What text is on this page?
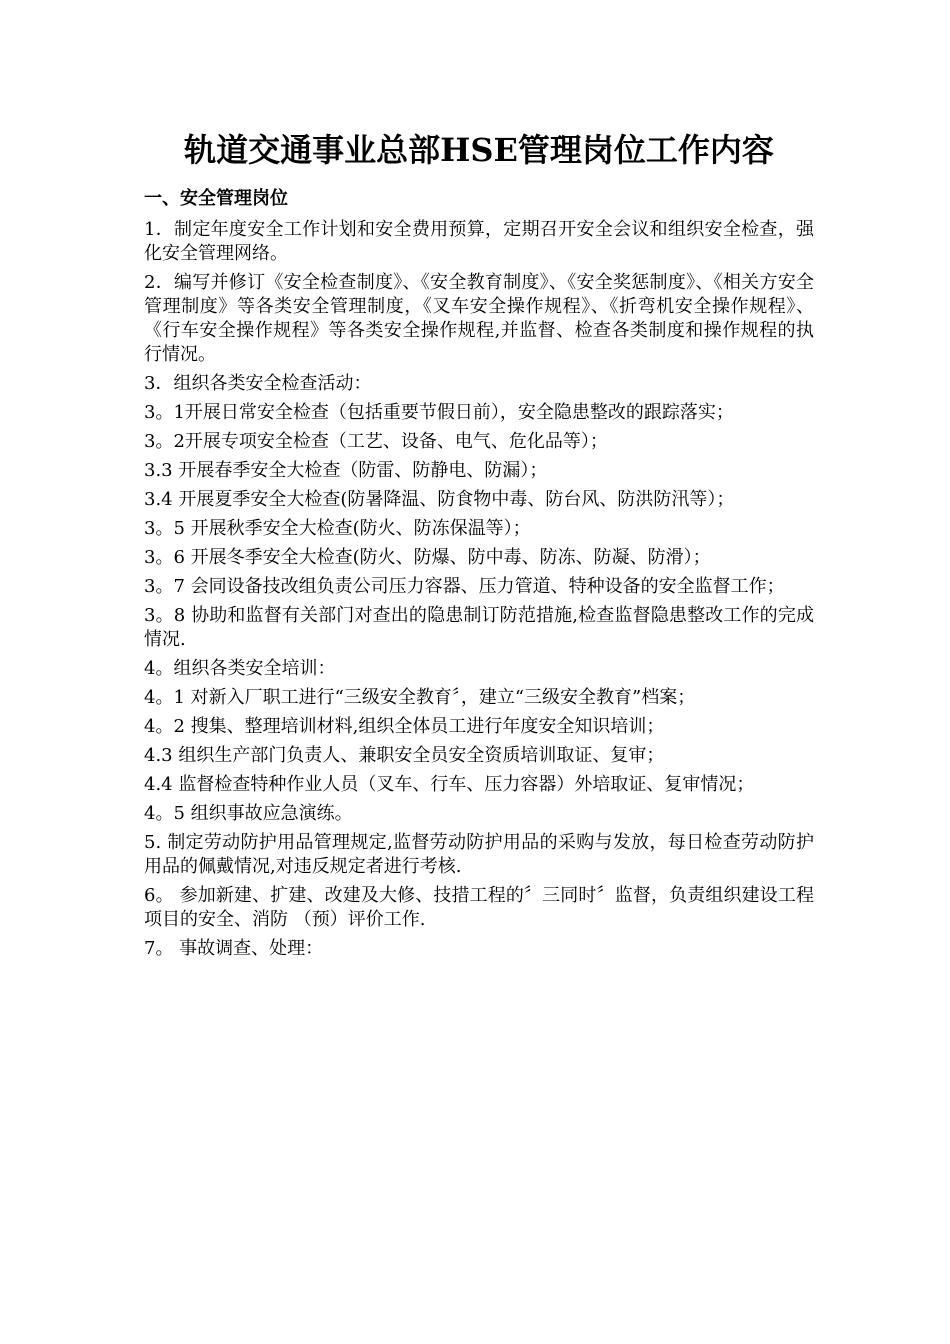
轨道交通事业总部HSE管理岗位工作内容
一、安全管理岗位

1．制定年度安全工作计划和安全费用预算，定期召开安全会议和组织安全检查，强化安全管理网络。

2．编写并修订《安全检查制度》、《安全教育制度》、《安全奖惩制度》、《相关方安全管理制度》等各类安全管理制度，《叉车安全操作规程》、《折弯机安全操作规程》、《行车安全操作规程》等各类安全操作规程,并监督、检查各类制度和操作规程的执行情况。

3．组织各类安全检查活动：

3。1开展日常安全检查（包括重要节假日前），安全隐患整改的跟踪落实；

3。2开展专项安全检查（工艺、设备、电气、危化品等）；

3.3 开展春季安全大检查（防雷、防静电、防漏）；

3.4 开展夏季安全大检查(防暑降温、防食物中毒、防台风、防洪防汛等）；

3。5 开展秋季安全大检查(防火、防冻保温等）；

3。6 开展冬季安全大检查(防火、防爆、防中毒、防冻、防凝、防滑）；

3。7 会同设备技改组负责公司压力容器、压力管道、特种设备的安全监督工作；

3。8 协助和监督有关部门对查出的隐患制订防范措施,检查监督隐患整改工作的完成情况.

4。组织各类安全培训：

4。1 对新入厂职工进行“三级安全教育〞，建立“三级安全教育”档案；

4。2 搜集、整理培训材料,组织全体员工进行年度安全知识培训；

4.3 组织生产部门负责人、兼职安全员安全资质培训取证、复审；

4.4 监督检查特种作业人员（叉车、行车、压力容器）外培取证、复审情况；

4。5 组织事故应急演练。

5. 制定劳动防护用品管理规定,监督劳动防护用品的采购与发放，每日检查劳动防护用品的佩戴情况,对违反规定者进行考核.

6。 参加新建、扩建、改建及大修、技措工程的〞三同时〞监督，负责组织建设工程项目的安全、消防 （预）评价工作.

7。 事故调查、处理：
